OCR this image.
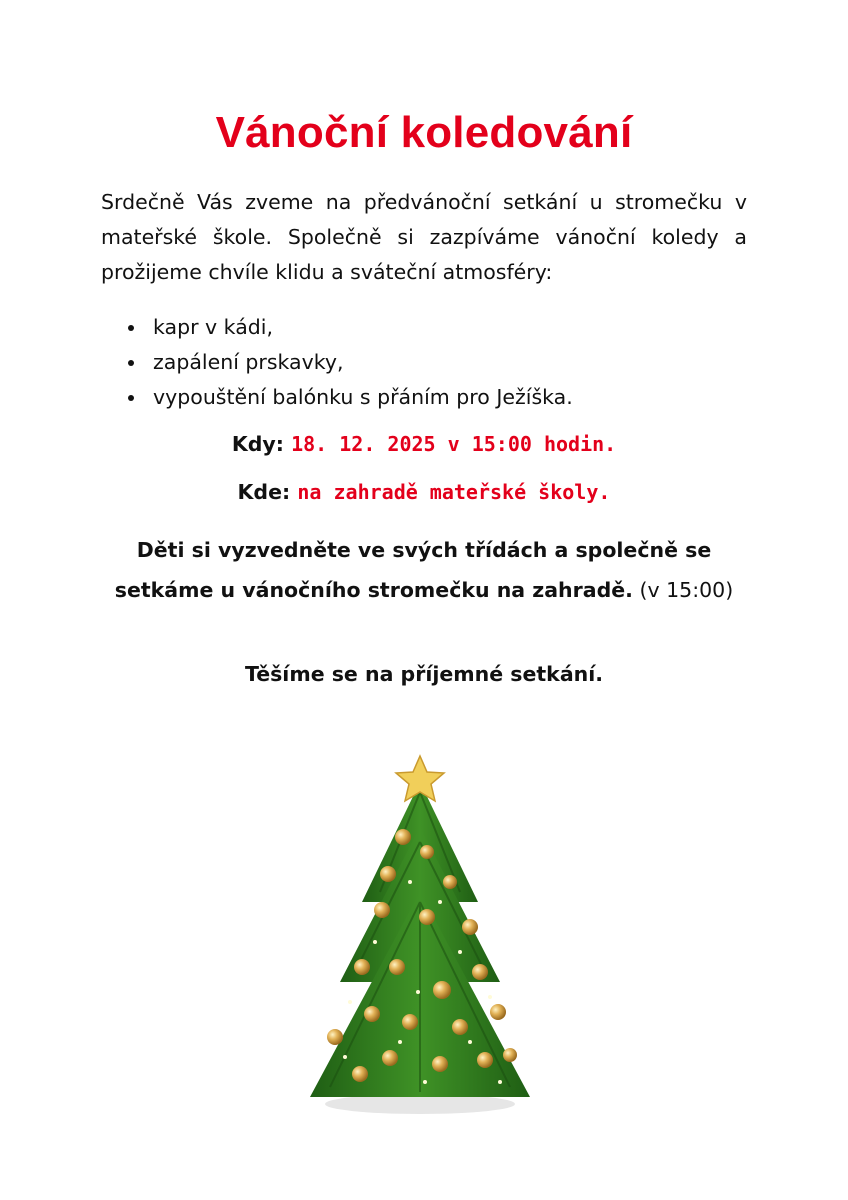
Vánoční koledování
Srdečně Vás zveme na předvánoční setkání u stromečku v mateřské škole. Společně si zazpíváme vánoční koledy a prožijeme chvíle klidu a sváteční atmosféry:
kapr v kádi,
zapálení prskavky,
vypouštění balónku s přáním pro Ježíška.
Kdy: 18. 12. 2025 v 15:00 hodin.
Kde: na zahradě mateřské školy.
Děti si vyzvedněte ve svých třídách a společně se
setkáme u vánočního stromečku na zahradě. (v 15:00)
Těšíme se na příjemné setkání.
